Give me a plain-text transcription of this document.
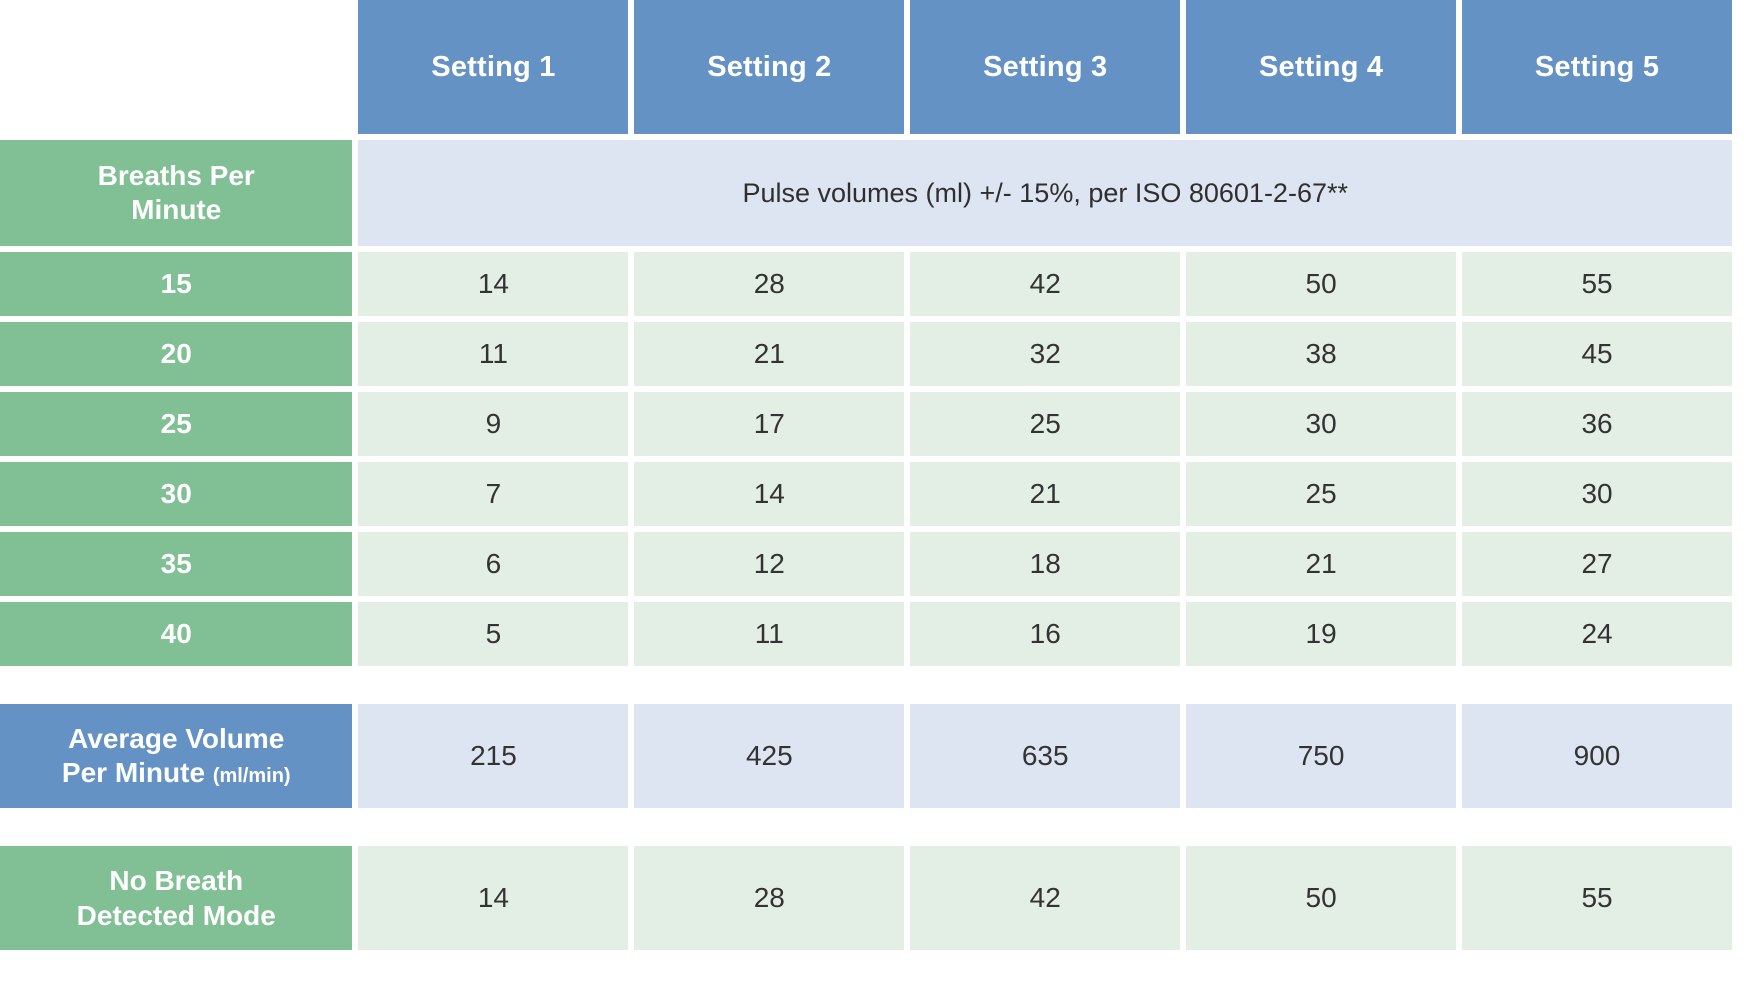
	Setting 1	Setting 2	Setting 3	Setting 4	Setting 5
Breaths Per
Minute	Pulse volumes (ml) +/- 15%, per ISO 80601-2-67**				
15	14	28	42	50	55
20	11	21	32	38	45
25	9	17	25	30	36
30	7	14	21	25	30
35	6	12	18	21	27
40	5	11	16	19	24

Average Volume
Per Minute (ml/min)	215	425	635	750	900

No Breath
Detected Mode	14	28	42	50	55
